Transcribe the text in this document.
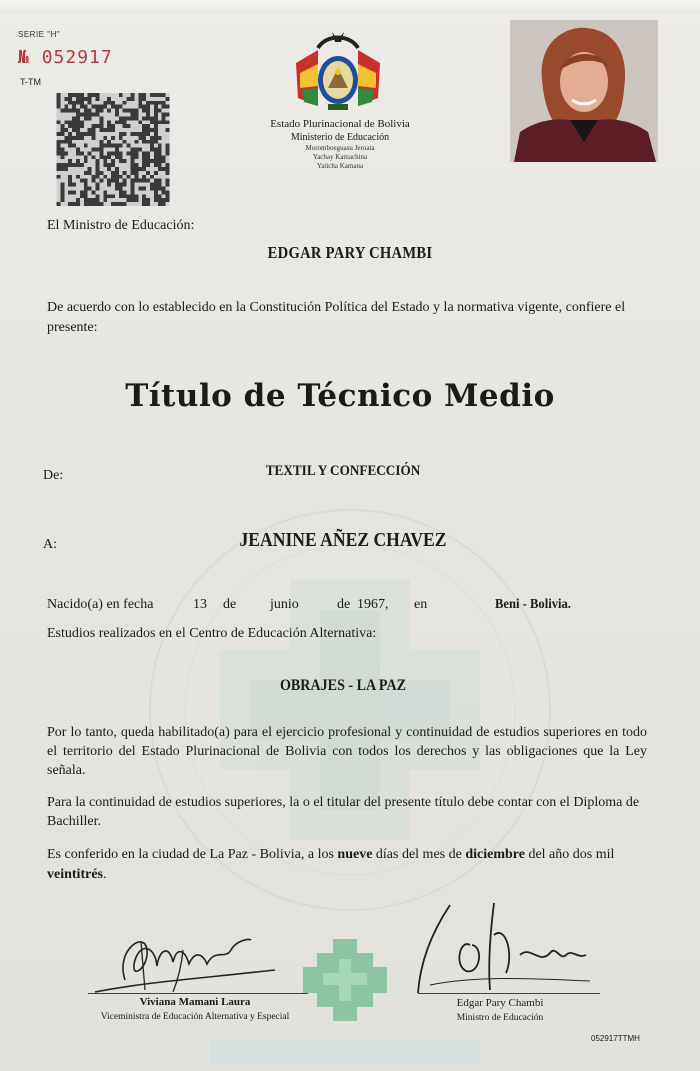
SERIE "H"
№ 052917
T-TM
Estado Plurinacional de Bolivia
Ministerio de Educación
Moromboeguasu Jeroata
Yachay Kamachina
Yaticha Kamana
El Ministro de Educación:
EDGAR PARY CHAMBI
De acuerdo con lo establecido en la Constitución Política del Estado y la normativa vigente, confiere el presente:
Título de Técnico Medio
De:	TEXTIL Y CONFECCIÓN
A:	JEANINE AÑEZ CHAVEZ
Nacido(a) en fecha	13 de junio	de 1967, en	Beni - Bolivia.
Estudios realizados en el Centro de Educación Alternativa:
OBRAJES - LA PAZ
Por lo tanto, queda habilitado(a) para el ejercicio profesional y continuidad de estudios superiores en todo el territorio del Estado Plurinacional de Bolivia con todos los derechos y las obligaciones que la Ley señala.
Para la continuidad de estudios superiores, la o el titular del presente título debe contar con el Diploma de Bachiller.
Es conferido en la ciudad de La Paz - Bolivia, a los nueve días del mes de diciembre del año dos mil veintitrés.
Viviana Mamani Laura
Viceministra de Educación Alternativa y Especial
Edgar Pary Chambi
Ministro de Educación
052917TTMH
